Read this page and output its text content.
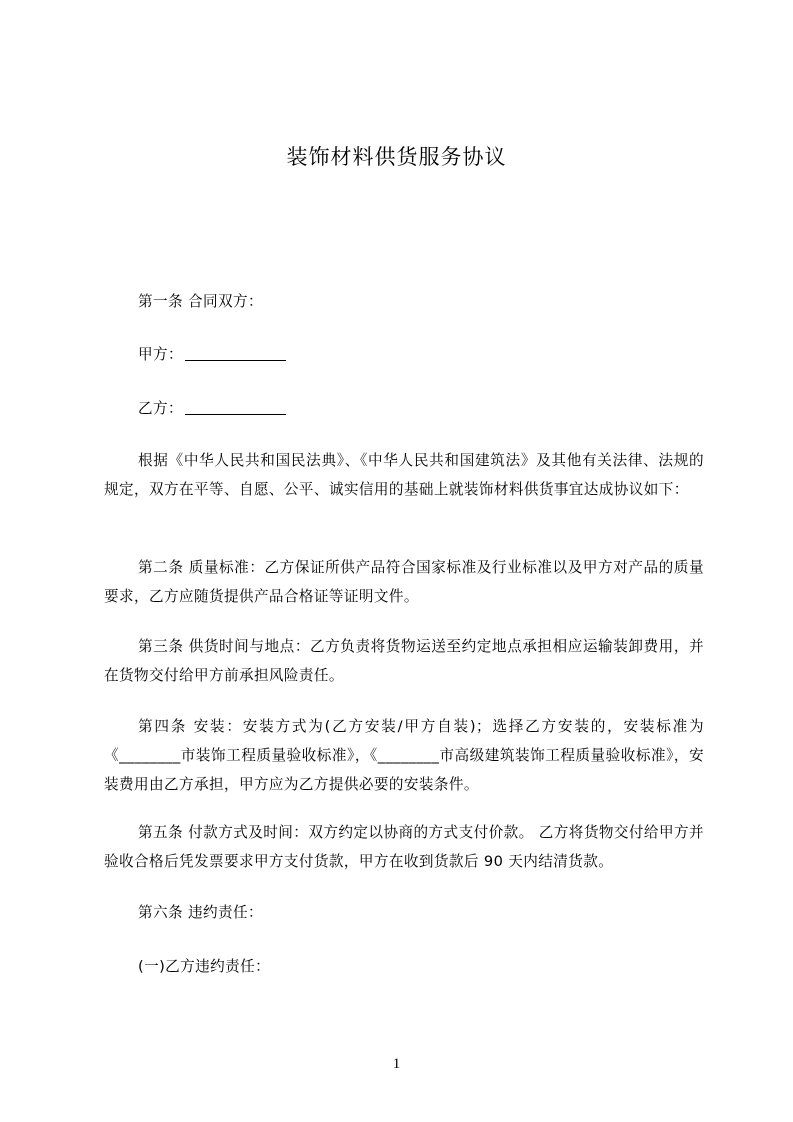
装饰材料供货服务协议
第一条 合同双方：
甲方：
乙方：
根据《中华人民共和国民法典》、《中华人民共和国建筑法》及其他有关法律、法规的规定，双方在平等、自愿、公平、诚实信用的基础上就装饰材料供货事宜达成协议如下：
第二条 质量标准：乙方保证所供产品符合国家标准及行业标准以及甲方对产品的质量要求，乙方应随货提供产品合格证等证明文件。
第三条 供货时间与地点：乙方负责将货物运送至约定地点承担相应运输装卸费用，并在货物交付给甲方前承担风险责任。
第四条 安装：安装方式为(乙方安装/甲方自装)；选择乙方安装的，安装标准为《________市装饰工程质量验收标准》，《________市高级建筑装饰工程质量验收标准》，安装费用由乙方承担，甲方应为乙方提供必要的安装条件。
第五条 付款方式及时间：双方约定以协商的方式支付价款。 乙方将货物交付给甲方并验收合格后凭发票要求甲方支付货款，甲方在收到货款后 90 天内结清货款。
第六条 违约责任：
(一)乙方违约责任：
1
